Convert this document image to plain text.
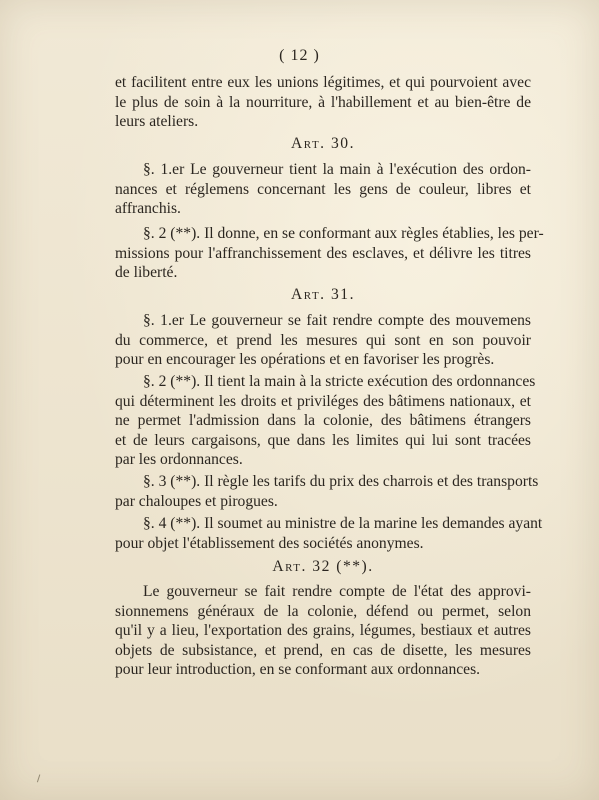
( 12 )
et facilitent entre eux les unions légitimes, et qui pourvoient avec
le plus de soin à la nourriture, à l'habillement et au bien-être de
leurs ateliers.
Art. 30.
§. 1.er Le gouverneur tient la main à l'exécution des ordon-
nances et réglemens concernant les gens de couleur, libres et
affranchis.
§. 2 (**). Il donne, en se conformant aux règles établies, les per-
missions pour l'affranchissement des esclaves, et délivre les titres
de liberté.
Art. 31.
§. 1.er Le gouverneur se fait rendre compte des mouvemens
du commerce, et prend les mesures qui sont en son pouvoir
pour en encourager les opérations et en favoriser les progrès.
§. 2 (**). Il tient la main à la stricte exécution des ordonnances
qui déterminent les droits et priviléges des bâtimens nationaux, et
ne permet l'admission dans la colonie, des bâtimens étrangers
et de leurs cargaisons, que dans les limites qui lui sont tracées
par les ordonnances.
§. 3 (**). Il règle les tarifs du prix des charrois et des transports
par chaloupes et pirogues.
§. 4 (**). Il soumet au ministre de la marine les demandes ayant
pour objet l'établissement des sociétés anonymes.
Art. 32 (**).
Le gouverneur se fait rendre compte de l'état des approvi-
sionnemens généraux de la colonie, défend ou permet, selon
qu'il y a lieu, l'exportation des grains, légumes, bestiaux et autres
objets de subsistance, et prend, en cas de disette, les mesures
pour leur introduction, en se conformant aux ordonnances.
